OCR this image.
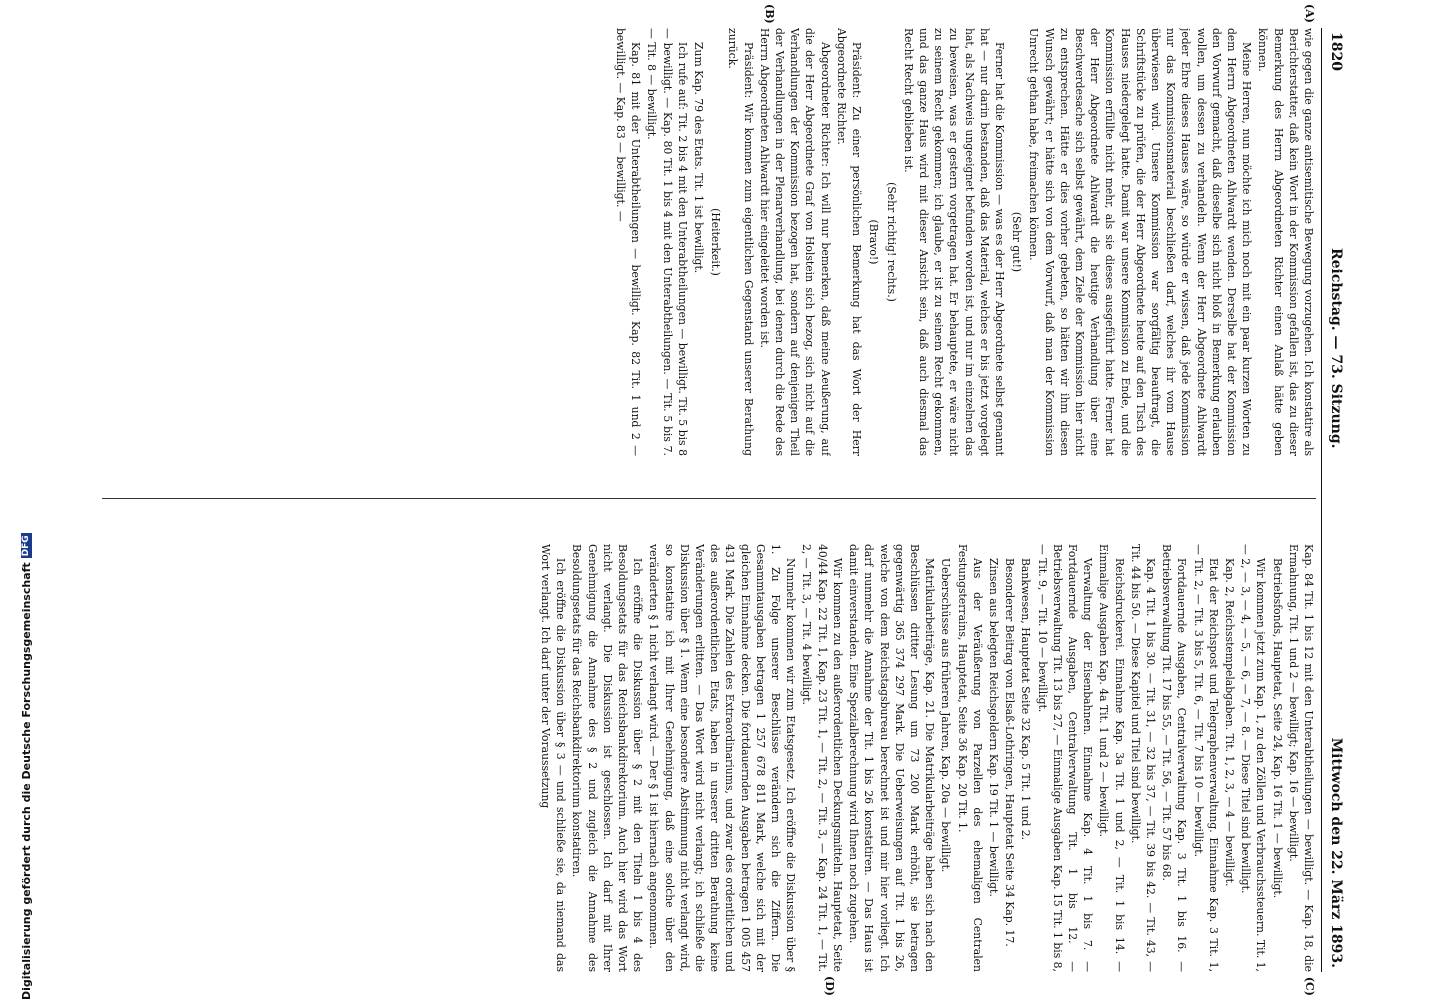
1820
Reichstag. — 73. Sitzung.
Mittwoch den 22. März 1893.

wie gegen die ganze antisemitische Bewegung vorzugehen. Ich konstatire als Berichterstatter, daß kein Wort in der Kommission gefallen ist, das zu dieser Bemerkung des Herrn Abgeordneten Richter einen Anlaß hätte geben können.

Meine Herren, nun möchte ich mich noch mit ein paar kurzen Worten zu dem Herrn Abgeordneten Ahlwardt wenden. Derselbe hat der Kommission den Vorwurf gemacht, daß dieselbe sich nicht bloß in Bemerkung erlauben wollen, um dessen zu verhandeln. Wenn der Herr Abgeordnete Ahlwardt jeder Ehre dieses Hauses wäre, so würde er wissen, daß jede Kommission nur das Kommissionsmaterial beschließen darf, welches ihr vom Hause überwiesen wird. Unsere Kommission war sorgfältig beauftragt, die Schriftstücke zu prüfen, die der Herr Abgeordnete heute auf den Tisch des Hauses niedergelegt hatte. Damit war unsere Kommission zu Ende, und die Kommission erfüllte nicht mehr, als sie dieses ausgeführt hatte. Ferner hat der Herr Abgeordnete Ahlwardt die heutige Verhandlung über eine Beschwerdesache sich selbst gewährt, dem Ziele der Kommission hier nicht zu entsprechen. Hätte er dies vorher gebeten, so hätten wir ihm diesen Wunsch gewährt; er hätte sich von dem Vorwurf, daß man der Kommission Unrecht gethan habe, freimachen können.

(Sehr gut!)

Ferner hat die Kommission — was es der Herr Abgeordnete selbst genannt hat — nur darin bestanden, daß das Material, welches er bis jetzt vorgelegt hat, als Nachweis ungeeignet befunden worden ist, und nur im einzelnen das zu beweisen, was er gestern vorgetragen hat. Er behauptete, er wäre nicht zu seinem Recht gekommen; ich glaube, er ist zu seinem Recht gekommen, und das ganze Haus wird mit dieser Ansicht sein, daß auch diesmal das Recht Recht geblieben ist.

(Sehr richtig! rechts.)

(Bravo!)

Präsident: Zu einer persönlichen Bemerkung hat das Wort der Herr Abgeordnete Richter.

Abgeordneter Richter: Ich will nur bemerken, daß meine Aeußerung, auf die der Herr Abgeordnete Graf von Holstein sich bezog, sich nicht auf die Verhandlungen der Kommission bezogen hat, sondern auf denjenigen Theil der Verhandlungen in der Plenarverhandlung, bei denen durch die Rede des Herrn Abgeordneten Ahlwardt hier eingeleitet worden ist.

Präsident: Wir kommen zum eigentlichen Gegenstand unserer Berathung zurück.

(Heiterkeit.)

Zum Kap. 79 des Etats. Tit. 1 ist bewilligt.

Ich rufe auf: Tit. 2 bis 4 mit den Unterabtheilungen — bewilligt. Tit. 5 bis 8 — bewilligt. — Kap. 80 Tit. 1 bis 4 mit den Unterabtheilungen. — Tit. 5 bis 7. — Tit. 8 — bewilligt.

Kap. 81 mit der Unterabtheilungen — bewilligt. Kap. 82 Tit. 1 und 2 — bewilligt. — Kap. 83 — bewilligt. —

Kap. 84 Tit. 1 bis 12 mit den Unterabtheilungen — bewilligt. — Kap. 18, die Ermahnung, Tit. 1 und 2 — bewilligt; Kap. 16 — bewilligt.

Betriebsfonds, Hauptetat, Seite 24, Kap. 16 Tit. 1 — bewilligt.

Wir kommen jetzt zum Kap. 1, zu den Zöllen und Verbrauchssteuern. Tit. 1, — 2, — 3, — 4, — 5, — 6, — 7, — 8. — Diese Titel sind bewilligt.

Kap. 2, Reichsstempelabgaben. Tit. 1, 2, 3, — 4 — bewilligt.

Etat der Reichspost und Telegraphenverwaltung. Einnahme Kap. 3 Tit. 1, — Tit. 2, — Tit. 3 bis 5, Tit. 6, — Tit. 7 bis 10 — bewilligt.

Fortdauernde Ausgaben, Centralverwaltung Kap. 3 Tit. 1 bis 16. — Betriebsverwaltung Tit. 17 bis 55, — Tit. 56, — Tit. 57 bis 68.

Kap. 4 Tit. 1 bis 30. — Tit. 31, — 32 bis 37, — Tit. 39 bis 42. — Tit. 43, — Tit. 44 bis 50. — Diese Kapitel und Titel sind bewilligt.

Reichsdruckerei. Einnahme Kap. 3a Tit. 1 und 2, — Tit. 1 bis 14. — Einmalige Ausgaben Kap. 4a Tit. 1 und 2 — bewilligt.

Verwaltung der Eisenbahnen. Einnahme Kap. 4 Tit. 1 bis 7. — Fortdauernde Ausgaben, Centralverwaltung Tit. 1 bis 12. — Betriebsverwaltung Tit. 13 bis 27, — Einmalige Ausgaben Kap. 15 Tit. 1 bis 8, — Tit. 9, — Tit. 10 — bewilligt.

Bankwesen, Hauptetat Seite 32 Kap. 5 Tit. 1 und 2.

Besonderer Beitrag von Elsaß-Lothringen, Hauptetat Seite 34 Kap. 17.

Zinsen aus belegten Reichsgeldern Kap. 19 Tit. 1 — bewilligt.

Aus der Veräußerung von Parzellen des ehemaligen Centralen Festungsterrains, Hauptetat, Seite 36 Kap. 20 Tit. 1.

Ueberschüsse aus früheren Jahren, Kap. 20a — bewilligt.

Matrikularbeiträge, Kap. 21. Die Matrikularbeiträge haben sich nach den Beschlüssen dritter Lesung um 73 200 Mark erhöht, sie betragen gegenwärtig 365 374 297 Mark. Die Ueberweisungen auf Tit. 1 bis 26, welche von dem Reichstagsbureau berechnet ist und mir hier vorliegt. Ich darf nunmehr die Annahme der Tit. 1 bis 26 konstatiren. — Das Haus ist damit einverstanden. Eine Spezialberechnung wird Ihnen noch zugehen.

Wir kommen zu den außerordentlichen Deckungsmitteln. Hauptetat, Seite 40/44 Kap. 22 Tit. 1, Kap. 23 Tit. 1, — Tit. 2, — Tit. 3, — Kap. 24 Tit. 1, — Tit. 2, — Tit. 3, — Tit. 4 bewilligt.

Nunmehr kommen wir zum Etatsgesetz. Ich eröffne die Diskussion über § 1. Zu Folge unserer Beschlüsse verändern sich die Ziffern. Die Gesammtausgaben betragen 1 257 678 811 Mark, welche sich mit der gleichen Einnahme decken. Die fortdauernden Ausgaben betragen 1 005 457 431 Mark. Die Zahlen des Extraordinariums, und zwar des ordentlichen und des außerordentlichen Etats, haben in unserer dritten Berathung keine Veränderungen erlitten. — Das Wort wird nicht verlangt; ich schließe die Diskussion über § 1. Wenn eine besondere Abstimmung nicht verlangt wird, so konstatire ich mit Ihrer Genehmigung, daß eine solche über den veränderten § 1 nicht verlangt wird. — Der § 1 ist hiernach angenommen.

Ich eröffne die Diskussion über § 2 mit den Titeln 1 bis 4 des Besoldungsetats für das Reichsbankdirektorium. Auch hier wird das Wort nicht verlangt. Die Diskussion ist geschlossen. Ich darf mit Ihrer Genehmigung die Annahme des § 2 und zugleich die Annahme des Besoldungsetats für das Reichsbankdirektorium konstatiren.

Ich eröffne die Diskussion über § 3 — und schließe sie, da niemand das Wort verlangt. Ich darf unter der Voraussetzung

(A)
(B)
(C)
(D)
Digitalisierung gefördert durch die Deutsche Forschungsgemeinschaft
DFG
